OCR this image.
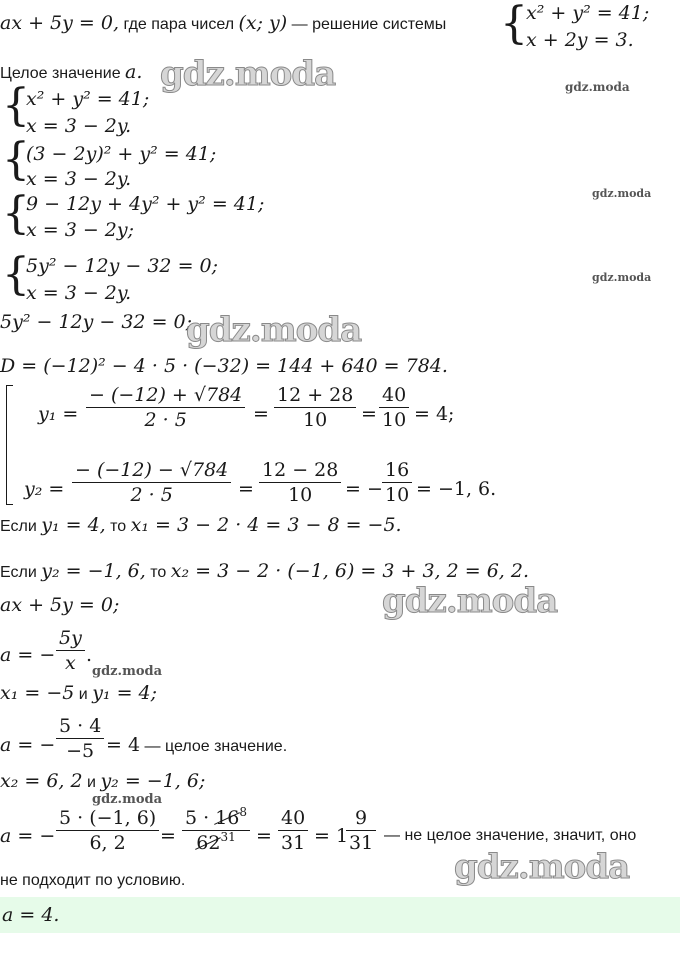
ax + 5y = 0, где пара чисел (x; y) — решение системы {
x² + y² = 41;
x + 2y = 3.
Целое значение a.
{
x² + y² = 41;
x = 3 − 2y.
{
(3 − 2y)² + y² = 41;
x = 3 − 2y.
{
9 − 12y + 4y² + y² = 41;
x = 3 − 2y;
{
5y² − 12y − 32 = 0;
x = 3 − 2y.
5y² − 12y − 32 = 0;
D = (−12)² − 4 · 5 · (−32) = 144 + 640 = 784.
$y_1 = \frac{- (-12) + √784}{2 \cdot 5} = \frac{12 + 28}{10} = \frac{40}{10} = 4$;
$y_2 = \frac{- (-12) - √784}{2 \cdot 5} = \frac{12 - 28}{10}$ = − $\frac{16}{10} = -1$, 6.
Если y₁ = 4, то x₁ = 3 − 2 · 4 = 3 − 8 = −5.
Если y₂ = −1, 6, то x₂ = 3 − 2 · (−1, 6) = 3 + 3, 2 = 6, 2.
ax + 5y = 0;
a = − $\frac{5y}{x}$ .
x₁ = −5 и y₁ = 4;
a = − $\frac{5 \cdot 4}{-5} = 4$ — целое значение.
x₂ = 6, 2 и y₂ = −1, 6;
a = − $\frac{5 \cdot (-1, 6)}{6, 2} = \frac{5 \cdot 16^8}{62^{31}} = \frac{40}{31} = 1$
$\frac{9}{31}$ — не целое значение, значит, оно
не подходит по условию.
a = 4.
gdz.moda	gdz.moda
gdz.moda
gdz.moda
gdz.moda
gdz.moda
gdz.moda
gdz.moda
gdz.moda
